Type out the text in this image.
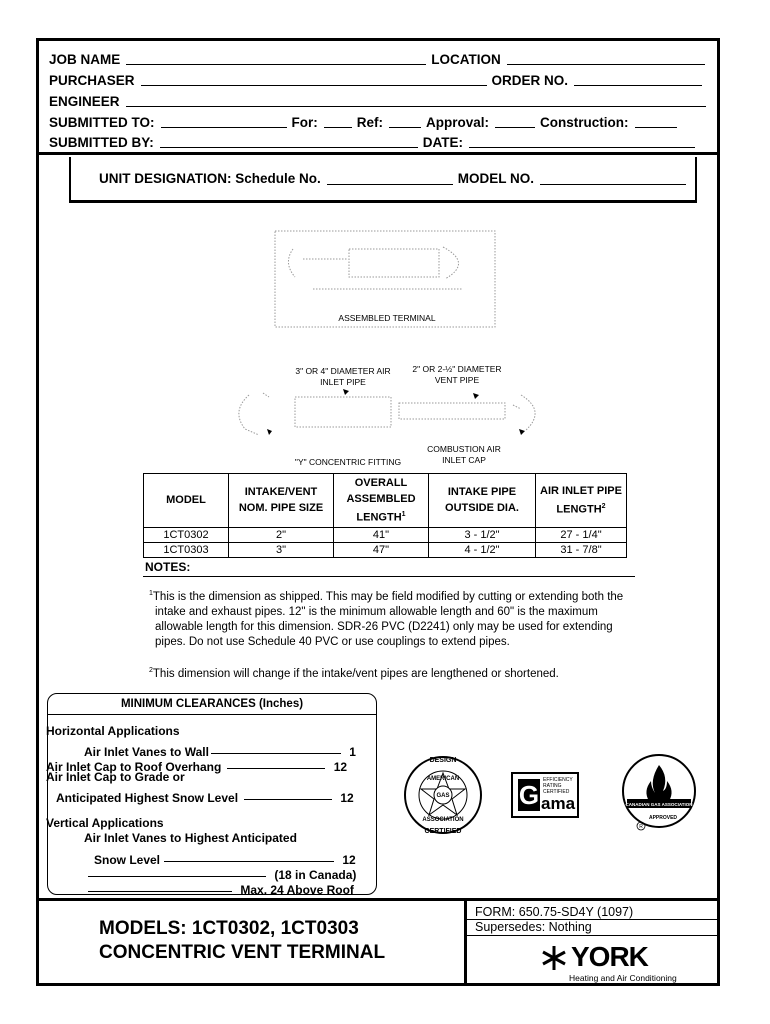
JOB NAME	LOCATION
PURCHASER	ORDER NO.
ENGINEER
SUBMITTED TO:	For:	Ref:	Approval:	Construction:
SUBMITTED BY:	DATE:
UNIT DESIGNATION: Schedule No.	MODEL NO.
ASSEMBLED TERMINAL
3" OR 4" DIAMETER AIR INLET PIPE
2" OR 2-½" DIAMETER VENT PIPE
"Y" CONCENTRIC FITTING
COMBUSTION AIR INLET CAP
MODEL	INTAKE/VENT NOM. PIPE SIZE	OVERALL ASSEMBLED LENGTH$^1$	INTAKE PIPE OUTSIDE DIA.	AIR INLET PIPE LENGTH$^2$
1CT0302	2"	41"	3 - 1/2"	27 - 1/4"
1CT0303	3"	47"	4 - 1/2"	31 - 7/8"
NOTES:
$^1$This is the dimension as shipped. This may be field modified by cutting or extending both the intake and exhaust pipes. 12" is the minimum allowable length and 60" is the maximum allowable length for this dimension. SDR-26 PVC (D2241) only may be used for extending pipes. Do not use Schedule 40 PVC or use couplings to extend pipes.
$^2$This dimension will change if the intake/vent pipes are lengthened or shortened.
MINIMUM CLEARANCES (Inches)
Horizontal Applications
Air Inlet Vanes to Wall	1
Air Inlet Cap to Roof Overhang	12
Air Inlet Cap to Grade or
Anticipated Highest Snow Level	12
Vertical Applications
Air Inlet Vanes to Highest Anticipated
Snow Level	12
(18 in Canada)
Max. 24 Above Roof
GAS
DESIGN
AMERICAN
ASSOCIATION
CERTIFIED
G EFFICIENCY
RATING
CERTIFIED
ama	CANADIAN GAS ASSOCIATION
APPROVED
R
MODELS: 1CT0302, 1CT0303
CONCENTRIC VENT TERMINAL
FORM: 650.75-SD4Y (1097)
Supersedes: Nothing
YORK
Heating and Air Conditioning
